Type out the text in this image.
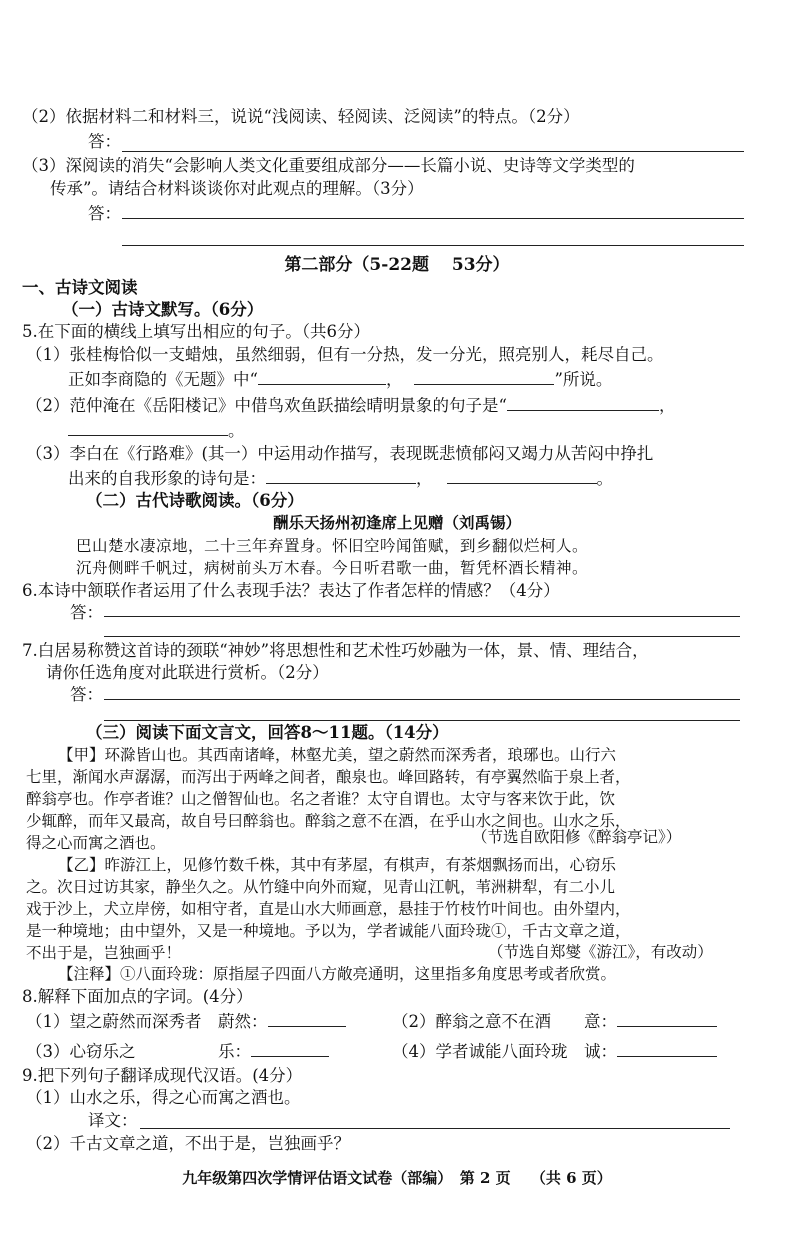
（2）依据材料二和材料三，说说“浅阅读、轻阅读、泛阅读”的特点。（2分）
答：
（3）深阅读的消失“会影响人类文化重要组成部分——长篇小说、史诗等文学类型的
传承”。请结合材料谈谈你对此观点的理解。（3分）
答：
第二部分（5-22题　 53分）
一、古诗文阅读
（一）古诗文默写。（6分）
5.在下面的横线上填写出相应的句子。（共6分）
（1）张桂梅恰似一支蜡烛，虽然细弱，但有一分热，发一分光，照亮别人，耗尽自己。
正如李商隐的《无题》中“	，	”所说。
（2）范仲淹在《岳阳楼记》中借鸟欢鱼跃描绘晴明景象的句子是“	，
。
（3）李白在《行路难》(其一）中运用动作描写，表现既悲愤郁闷又竭力从苦闷中挣扎
出来的自我形象的诗句是：	，	。
（二）古代诗歌阅读。（6分）
酬乐天扬州初逢席上见赠（刘禹锡）
巴山楚水凄凉地，二十三年弃置身。怀旧空吟闻笛赋，到乡翻似烂柯人。
沉舟侧畔千帆过，病树前头万木春。今日听君歌一曲，暂凭杯酒长精神。
6.本诗中颔联作者运用了什么表现手法？表达了作者怎样的情感？（4分）
答：
7.白居易称赞这首诗的颈联“神妙”将思想性和艺术性巧妙融为一体，景、情、理结合，
请你任选角度对此联进行赏析。（2分）
答：
（三）阅读下面文言文，回答8～11题。（14分）
【甲】环滁皆山也。其西南诸峰，林壑尤美，望之蔚然而深秀者，琅琊也。山行六
七里，渐闻水声潺潺，而泻出于两峰之间者，酿泉也。峰回路转，有亭翼然临于泉上者，
醉翁亭也。作亭者谁？山之僧智仙也。名之者谁？太守自谓也。太守与客来饮于此，饮
少辄醉，而年又最高，故自号曰醉翁也。醉翁之意不在酒，在乎山水之间也。山水之乐，
得之心而寓之酒也。	（节选自欧阳修《醉翁亭记》）
【乙】昨游江上，见修竹数千株，其中有茅屋，有棋声，有茶烟飘扬而出，心窃乐
之。次日过访其家，静坐久之。从竹缝中向外而窥，见青山江帆，苇洲耕犁，有二小儿
戏于沙上，犬立岸傍，如相守者，直是山水大师画意，悬挂于竹枝竹叶间也。由外望内，
是一种境地；由中望外，又是一种境地。予以为，学者诚能八面玲珑①，千古文章之道，
不出于是，岂独画乎！	（节选自郑燮《游江》，有改动）
【注释】①八面玲珑：原指屋子四面八方敞亮通明，这里指多角度思考或者欣赏。
8.解释下面加点的字词。(4分）
（1）望之蔚然而深秀者　蔚然：	（2）醉翁之意不在酒　　意：
（3）心窃乐之　　　　　乐：	（4）学者诚能八面玲珑　诚：
9.把下列句子翻译成现代汉语。(4分）
（1）山水之乐，得之心而寓之酒也。
译文：
（2）千古文章之道，不出于是，岂独画乎？
九年级第四次学情评估语文试卷（部编）　第 2 页　 （共 6 页）
